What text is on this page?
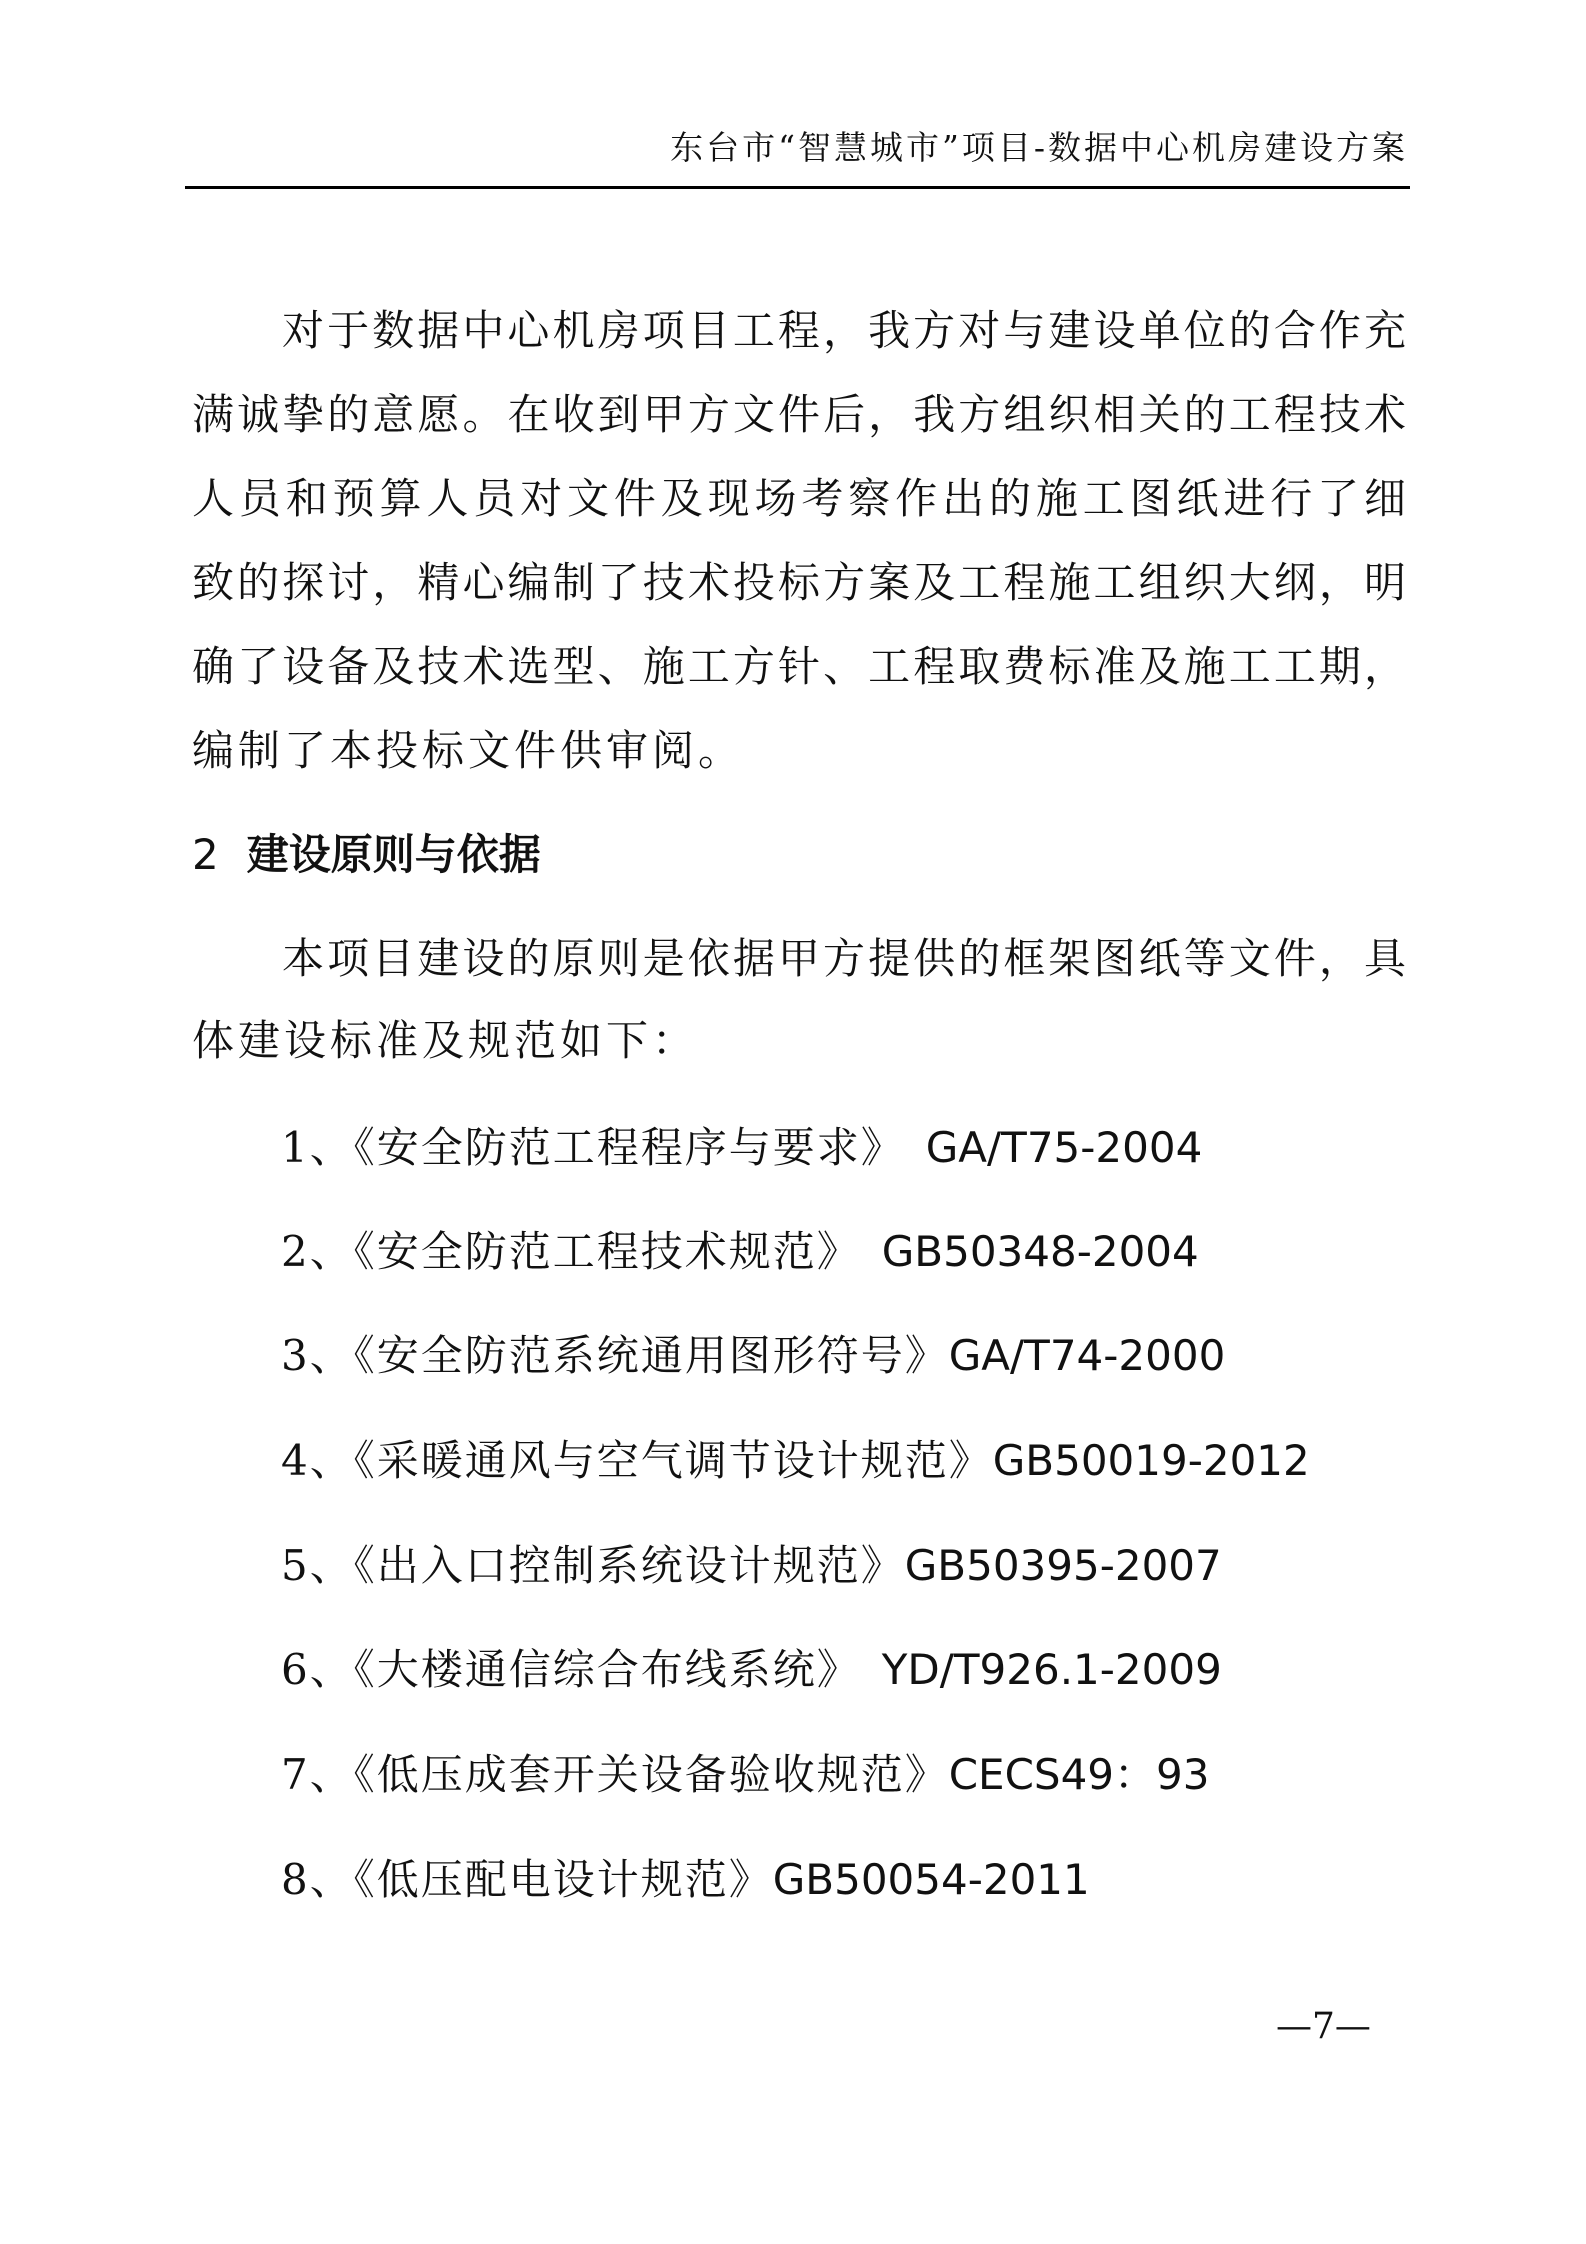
东台市“智慧城市”项目-数据中心机房建设方案
对于数据中心机房项目工程，我方对与建设单位的合作充
满诚挚的意愿。在收到甲方文件后，我方组织相关的工程技术
人员和预算人员对文件及现场考察作出的施工图纸进行了细
致的探讨，精心编制了技术投标方案及工程施工组织大纲，明
确了设备及技术选型、施工方针、工程取费标准及施工工期，
编制了本投标文件供审阅。
2 建设原则与依据
本项目建设的原则是依据甲方提供的框架图纸等文件，具
体建设标准及规范如下：
1、《安全防范工程程序与要求》　GA/T75-2004
2、《安全防范工程技术规范》　GB50348-2004
3、《安全防范系统通用图形符号》GA/T74-2000
4、《采暖通风与空气调节设计规范》GB50019-2012
5、《出入口控制系统设计规范》GB50395-2007
6、《大楼通信综合布线系统》　YD/T926.1-2009
7、《低压成套开关设备验收规范》CECS49：93
8、《低压配电设计规范》GB50054-2011
—7—
